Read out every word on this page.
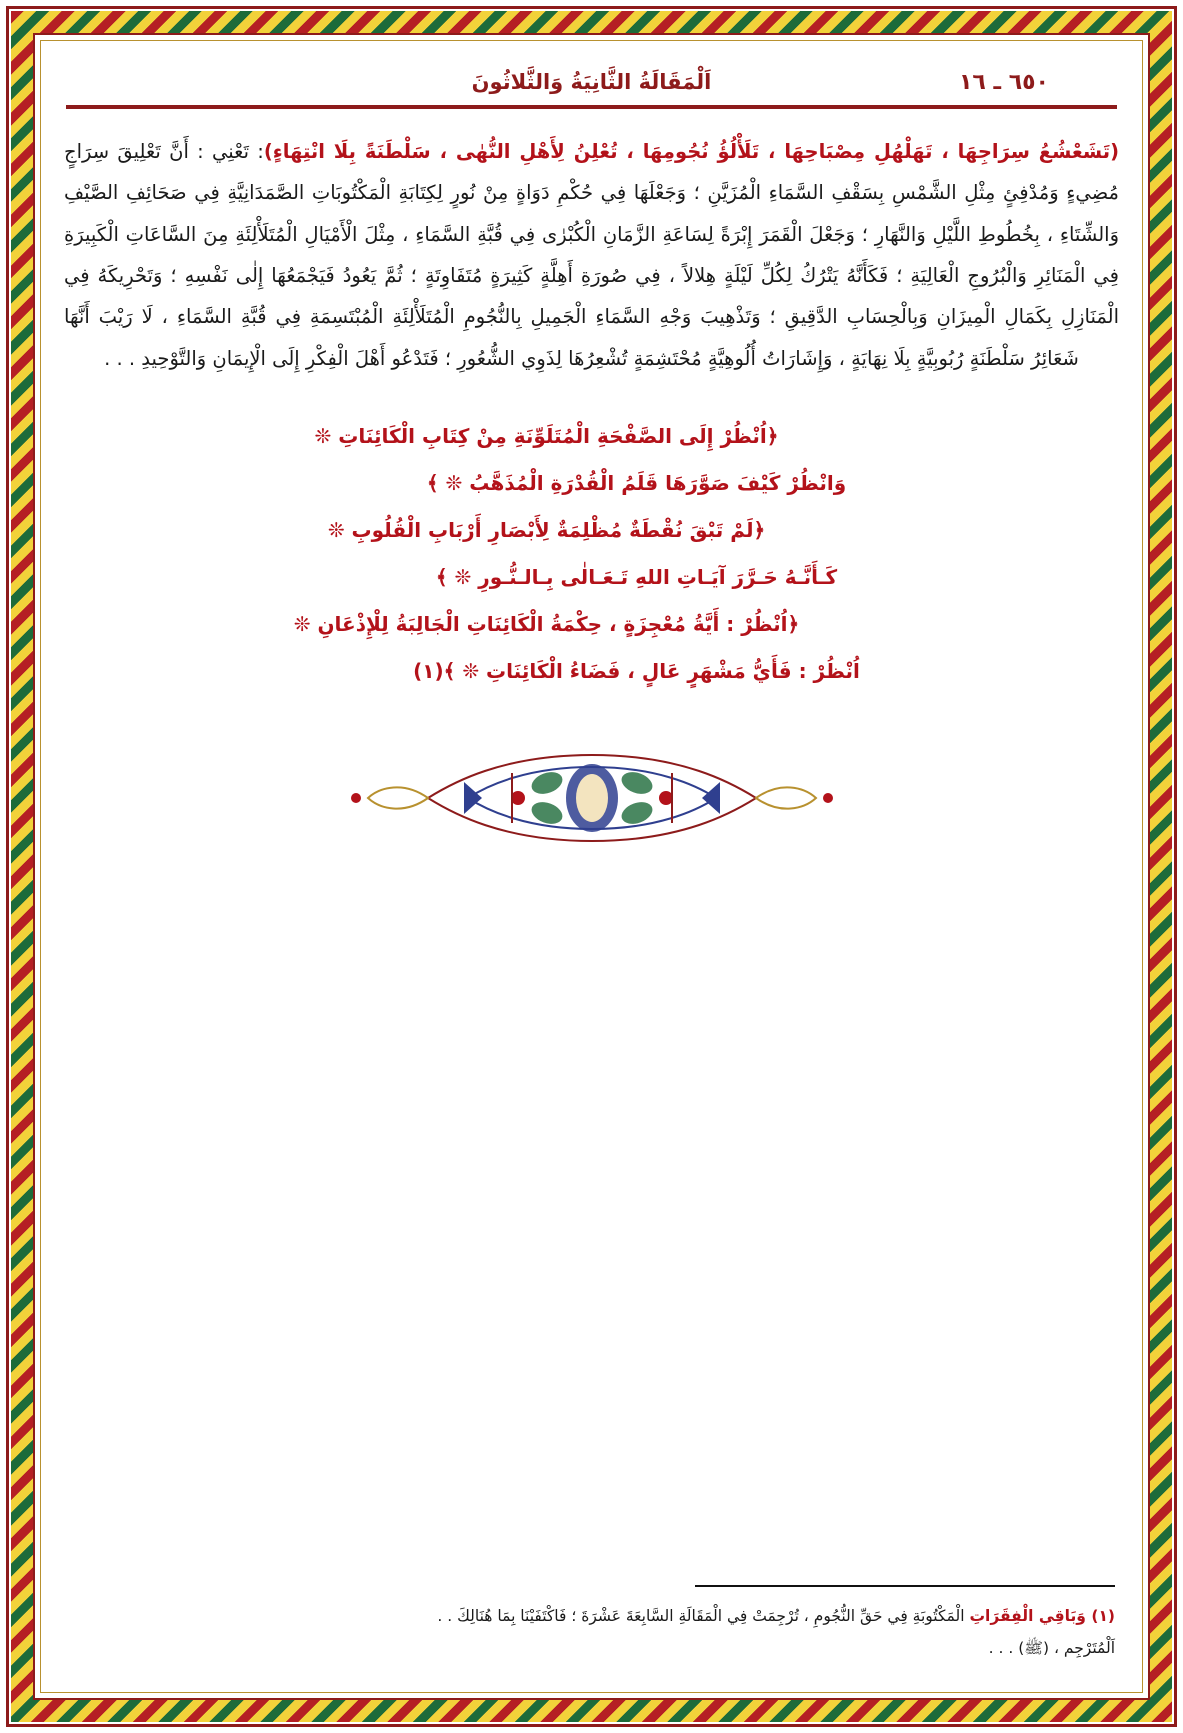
٦٥٠ ـ ١٦
اَلْمَقَالَةُ الثَّانِيَةُ وَالثَّلاثُونَ

(تَشَعْشُعُ سِرَاجِهَا ، تَهَلْهُلِ مِصْبَاحِهَا ، تَلَأْلُؤُ نُجُومِهَا ، تُعْلِنُ لِأَهْلِ النُّهٰى ، سَلْطَنَةً بِلَا انْتِهَاءٍ): تَعْنِي : أَنَّ تَعْلِيقَ سِرَاجٍ مُضِيءٍ وَمُدْفِئٍ مِثْلِ الشَّمْسِ بِسَقْفِ السَّمَاءِ الْمُزَيَّنِ ؛ وَجَعْلَهَا فِي حُكْمِ دَوَاةٍ مِنْ نُورٍ لِكِتَابَةِ الْمَكْتُوبَاتِ الصَّمَدَانِيَّةِ فِي صَحَائِفِ الصَّيْفِ وَالشِّتَاءِ ، بِخُطُوطِ اللَّيْلِ وَالنَّهَارِ ؛ وَجَعْلَ الْقَمَرَ إِبْرَةً لِسَاعَةِ الزَّمَانِ الْكُبْرٰى فِي قُبَّةِ السَّمَاءِ ، مِثْلَ الْأَمْيَالِ الْمُتَلَأْلِئَةِ مِنَ السَّاعَاتِ الْكَبِيرَةِ فِي الْمَنَائِرِ وَالْبُرُوجِ الْعَالِيَةِ ؛ فَكَأَنَّهُ يَتْرُكُ لِكُلِّ لَيْلَةٍ هِلالاً ، فِي صُورَةِ أَهِلَّةٍ كَثِيرَةٍ مُتَفَاوِتَةٍ ؛ ثُمَّ يَعُودُ فَيَجْمَعُهَا إِلٰى نَفْسِهِ ؛ وَتَحْرِيكَهُ فِي الْمَنَازِلِ بِكَمَالِ الْمِيزَانِ وَبِالْحِسَابِ الدَّقِيقِ ؛ وَتَذْهِيبَ وَجْهِ السَّمَاءِ الْجَمِيلِ بِالنُّجُومِ الْمُتَلَأْلِئَةِ الْمُبْتَسِمَةِ فِي قُبَّةِ السَّمَاءِ ، لَا رَيْبَ أَنَّهَا شَعَائِرُ سَلْطَنَةٍ رُبُوبِيَّةٍ بِلَا نِهَايَةٍ ، وَإِشَارَاتُ أُلُوهِيَّةٍ مُحْتَشِمَةٍ تُشْعِرُهَا لِذَوِي الشُّعُورِ ؛ فَتَدْعُو أَهْلَ الْفِكْرِ إِلَى الْإِيمَانِ وَالتَّوْحِيدِ . . .

﴿اُنْظُرْ إِلَى الصَّفْحَةِ الْمُتَلَوِّنَةِ مِنْ كِتَابِ الْكَائِنَاتِ ❊
وَانْظُرْ كَيْفَ صَوَّرَهَا قَلَمُ الْقُدْرَةِ الْمُذَهَّبُ ❊ ﴾
﴿لَمْ تَبْقَ نُقْطَةٌ مُظْلِمَةٌ لِأَبْصَارِ أَرْبَابِ الْقُلُوبِ ❊
كَـأَنَّـهُ حَـرَّرَ آيَـاتِ اللهِ تَـعَـالٰى بِـالـنُّـورِ ❊ ﴾
﴿اُنْظُرْ : أَيَّةُ مُعْجِزَةٍ ، حِكْمَةُ الْكَائِنَاتِ الْجَالِبَةُ لِلْإِذْعَانِ ❊
اُنْظُرْ : فَأَيُّ مَشْهَرٍ عَالٍ ، فَضَاءُ الْكَائِنَاتِ ❊ ﴾(١)
(١) وَبَاقِي الْفِقَرَاتِ الْمَكْتُوبَةِ فِي حَقِّ النُّجُومِ ، تُرْجِمَتْ فِي الْمَقَالَةِ السَّابِعَةَ عَشْرَةَ ؛ فَاكْتَفَيْنَا بِمَا هُنَالِكَ . .
اَلْمُتَرْجِم ، (ﷺ) . . .
